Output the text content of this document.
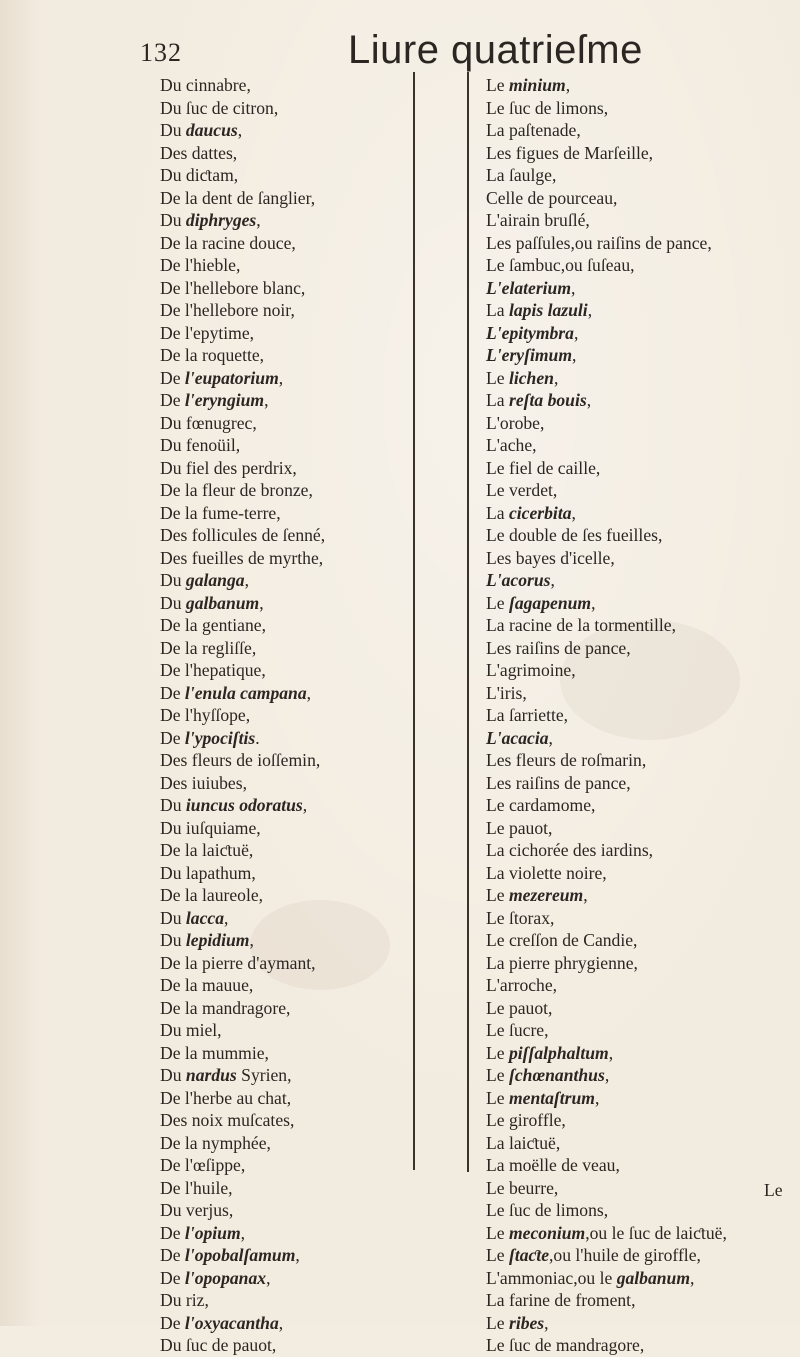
132	Liure quatrieſme
Du cinnabre,
Du ſuc de citron,
Du daucus,
Des dattes,
Du diƈtam,
De la dent de ſanglier,
Du diphryges,
De la racine douce,
De l'hieble,
De l'hellebore blanc,
De l'hellebore noir,
De l'epytime,
De la roquette,
De l'eupatorium,
De l'eryngium,
Du fœnugrec,
Du fenoüil,
Du fiel des perdrix,
De la fleur de bronze,
De la fume-terre,
Des follicules de ſenné,
Des fueilles de myrthe,
Du galanga,
Du galbanum,
De la gentiane,
De la regliſſe,
De l'hepatique,
De l'enula campana,
De l'hyſſope,
De l'ypociſtis.
Des fleurs de ioſſemin,
Des iuiubes,
Du iuncus odoratus,
Du iuſquiame,
De la laiƈtuë,
Du lapathum,
De la laureole,
Du lacca,
Du lepidium,
De la pierre d'aymant,
De la mauue,
De la mandragore,
Du miel,
De la mummie,
Du nardus Syrien,
De l'herbe au chat,
Des noix muſcates,
De la nymphée,
De l'œſippe,
De l'huile,
Du verjus,
De l'opium,
De l'opobalſamum,
De l'opopanax,
Du riz,
De l'oxyacantha,
Du ſuc de pauot,
Le minium,
Le ſuc de limons,
La paſtenade,
Les figues de Marſeille,
La ſaulge,
Celle de pourceau,
L'airain bruſlé,
Les paſſules,ou raiſins de pance,
Le ſambuc,ou ſuſeau,
L'elaterium,
La lapis lazuli,
L'epitymbra,
L'eryſimum,
Le lichen,
La reſta bouis,
L'orobe,
L'ache,
Le fiel de caille,
Le verdet,
La cicerbita,
Le double de ſes fueilles,
Les bayes d'icelle,
L'acorus,
Le ſagapenum,
La racine de la tormentille,
Les raiſins de pance,
L'agrimoine,
L'iris,
La ſarriette,
L'acacia,
Les fleurs de roſmarin,
Les raiſins de pance,
Le cardamome,
Le pauot,
La cichorée des iardins,
La violette noire,
Le mezereum,
Le ſtorax,
Le creſſon de Candie,
La pierre phrygienne,
L'arroche,
Le pauot,
Le ſucre,
Le piſſalphaltum,
Le ſchœnanthus,
Le mentaſtrum,
Le giroffle,
La laiƈtuë,
La moëlle de veau,
Le beurre,
Le ſuc de limons,
Le meconium,ou le ſuc de laiƈtuë,
Le ſtaƈte,ou l'huile de giroffle,
L'ammoniac,ou le galbanum,
La farine de froment,
Le ribes,
Le ſuc de mandragore,
Le
